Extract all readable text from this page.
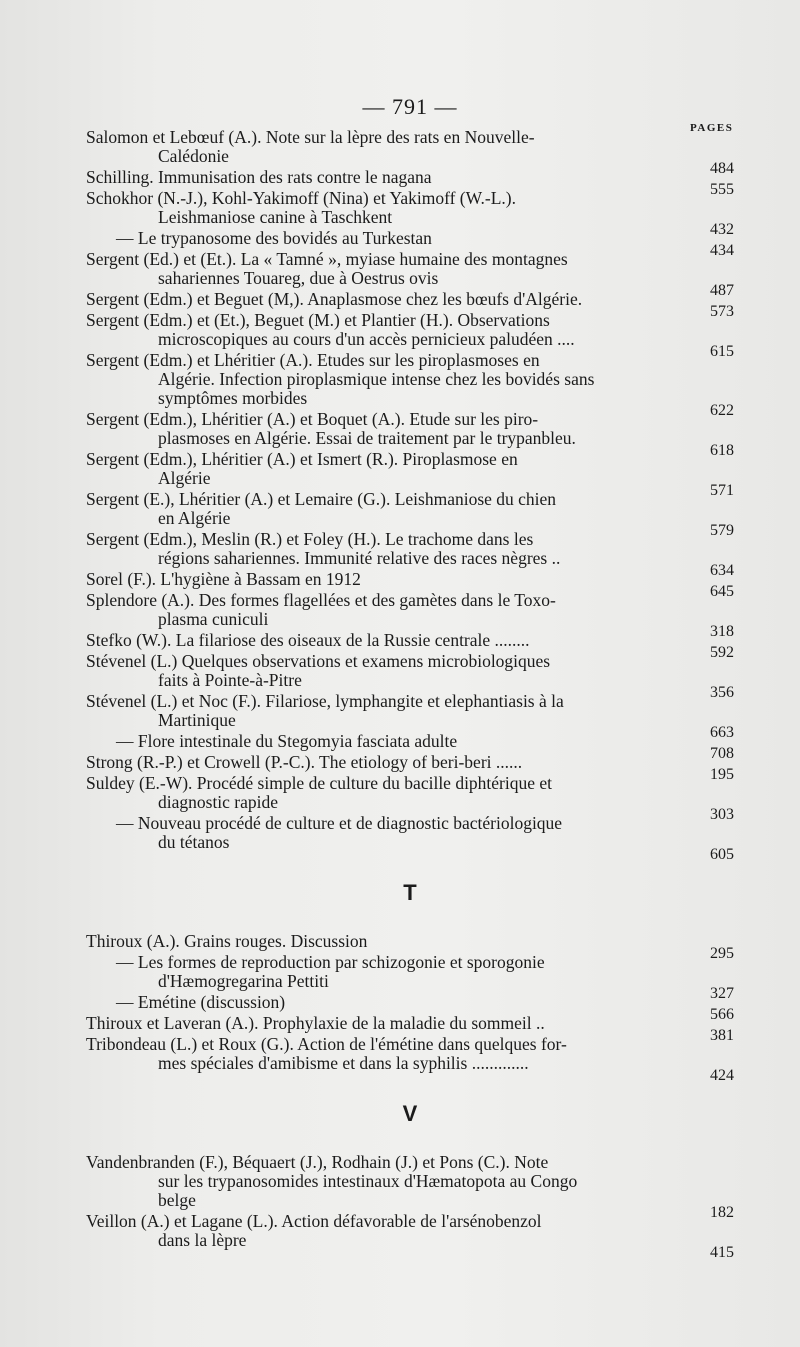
— 791 —
PAGES
Salomon et Lebœuf (A.). Note sur la lèpre des rats en Nouvelle-
Calédonie
484
Schilling. Immunisation des rats contre le nagana
555
Schokhor (N.-J.), Kohl-Yakimoff (Nina) et Yakimoff (W.-L.).
Leishmaniose canine à Taschkent
432
— Le trypanosome des bovidés au Turkestan
434
Sergent (Ed.) et (Et.). La « Tamné », myiase humaine des montagnes
sahariennes Touareg, due à Oestrus ovis
487
Sergent (Edm.) et Beguet (M,). Anaplasmose chez les bœufs d'Algérie.
573
Sergent (Edm.) et (Et.), Beguet (M.) et Plantier (H.). Observations
microscopiques au cours d'un accès pernicieux paludéen ....
615
Sergent (Edm.) et Lhéritier (A.). Etudes sur les piroplasmoses en
Algérie. Infection piroplasmique intense chez les bovidés sans
symptômes morbides
622
Sergent (Edm.), Lhéritier (A.) et Boquet (A.). Etude sur les piro-
plasmoses en Algérie. Essai de traitement par le trypanbleu.
618
Sergent (Edm.), Lhéritier (A.) et Ismert (R.). Piroplasmose en
Algérie
571
Sergent (E.), Lhéritier (A.) et Lemaire (G.). Leishmaniose du chien
en Algérie
579
Sergent (Edm.), Meslin (R.) et Foley (H.). Le trachome dans les
régions sahariennes. Immunité relative des races nègres ..
634
Sorel (F.). L'hygiène à Bassam en 1912
645
Splendore (A.). Des formes flagellées et des gamètes dans le Toxo-
plasma cuniculi
318
Stefko (W.). La filariose des oiseaux de la Russie centrale ........
592
Stévenel (L.) Quelques observations et examens microbiologiques
faits à Pointe-à-Pitre
356
Stévenel (L.) et Noc (F.). Filariose, lymphangite et elephantiasis à la
Martinique
663
— Flore intestinale du Stegomyia fasciata adulte
708
Strong (R.-P.) et Crowell (P.-C.). The etiology of beri-beri ......
195
Suldey (E.-W). Procédé simple de culture du bacille diphtérique et
diagnostic rapide
303
— Nouveau procédé de culture et de diagnostic bactériologique
du tétanos
605
T
Thiroux (A.). Grains rouges. Discussion
295
— Les formes de reproduction par schizogonie et sporogonie
d'Hæmogregarina Pettiti
327
— Emétine (discussion)
566
Thiroux et Laveran (A.). Prophylaxie de la maladie du sommeil ..
381
Tribondeau (L.) et Roux (G.). Action de l'émétine dans quelques for-
mes spéciales d'amibisme et dans la syphilis .............
424
V
Vandenbranden (F.), Béquaert (J.), Rodhain (J.) et Pons (C.). Note
sur les trypanosomides intestinaux d'Hæmatopota au Congo
belge
182
Veillon (A.) et Lagane (L.). Action défavorable de l'arsénobenzol
dans la lèpre
415
